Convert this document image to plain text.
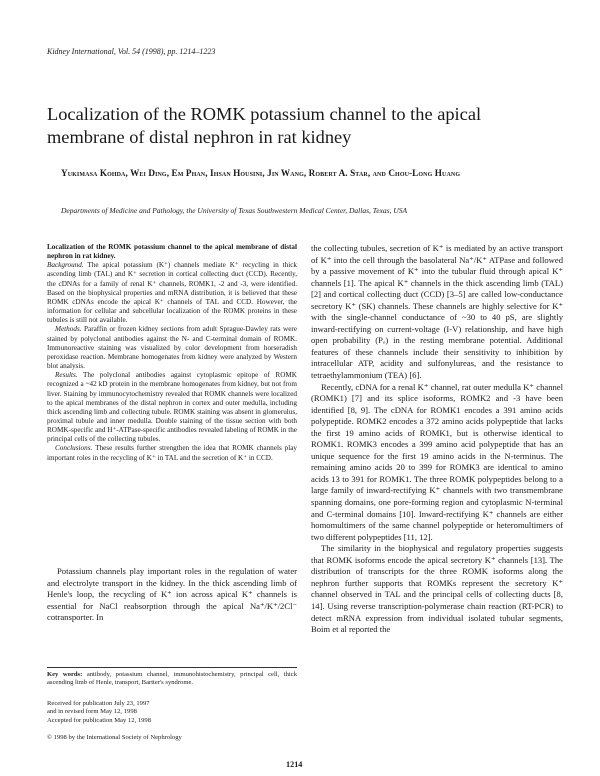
Kidney International, Vol. 54 (1998), pp. 1214–1223
Localization of the ROMK potassium channel to the apical membrane of distal nephron in rat kidney
Yukimasa Kohda, Wei Ding, Em Phan, Ihsan Housini, Jin Wang, Robert A. Star, and Chou-Long Huang
Departments of Medicine and Pathology, the University of Texas Southwestern Medical Center, Dallas, Texas, USA

Localization of the ROMK potassium channel to the apical membrane of distal nephron in rat kidney.
Background. The apical potassium (K⁺) channels mediate K⁺ recycling in thick ascending limb (TAL) and K⁺ secretion in cortical collecting duct (CCD). Recently, the cDNAs for a family of renal K⁺ channels, ROMK1, -2 and -3, were identified. Based on the biophysical properties and mRNA distribution, it is believed that these ROMK cDNAs encode the apical K⁺ channels of TAL and CCD. However, the information for cellular and subcellular localization of the ROMK proteins in these tubules is still not available.

Methods. Paraffin or frozen kidney sections from adult Sprague-Dawley rats were stained by polyclonal antibodies against the N- and C-terminal domain of ROMK. Immunoreactive staining was visualized by color development from horseradish peroxidase reaction. Membrane homogenates from kidney were analyzed by Western blot analysis.

Results. The polyclonal antibodies against cytoplasmic epitope of ROMK recognized a ~42 kD protein in the membrane homogenates from kidney, but not from liver. Staining by immunocytochemistry revealed that ROMK channels were localized to the apical membranes of the distal nephron in cortex and outer medulla, including thick ascending limb and collecting tubule. ROMK staining was absent in glomerulus, proximal tubule and inner medulla. Double staining of the tissue section with both ROMK-specific and H⁺-ATPase-specific antibodies revealed labeling of ROMK in the principal cells of the collecting tubules.

Conclusions. These results further strengthen the idea that ROMK channels play important roles in the recycling of K⁺ in TAL and the secretion of K⁺ in CCD.

Potassium channels play important roles in the regulation of water and electrolyte transport in the kidney. In the thick ascending limb of Henle's loop, the recycling of K⁺ ion across apical K⁺ channels is essential for NaCl reabsorption through the apical Na⁺/K⁺/2Cl⁻ cotransporter. In

Key words: antibody, potassium channel, immunohistochemistry, principal cell, thick ascending limb of Henle, transport, Bartter's syndrome.
Received for publication July 23, 1997
and in revised form May 12, 1998
Accepted for publication May 12, 1998
© 1998 by the International Society of Nephrology

the collecting tubules, secretion of K⁺ is mediated by an active transport of K⁺ into the cell through the basolateral Na⁺/K⁺ ATPase and followed by a passive movement of K⁺ into the tubular fluid through apical K⁺ channels [1]. The apical K⁺ channels in the thick ascending limb (TAL) [2] and cortical collecting duct (CCD) [3–5] are called low-conductance secretory K⁺ (SK) channels. These channels are highly selective for K⁺ with the single-channel conductance of ~30 to 40 pS, are slightly inward-rectifying on current-voltage (I-V) relationship, and have high open probability (Pₒ) in the resting membrane potential. Additional features of these channels include their sensitivity to inhibition by intracellular ATP, acidity and sulfonylureas, and the resistance to tetraethylammonium (TEA) [6].

Recently, cDNA for a renal K⁺ channel, rat outer medulla K⁺ channel (ROMK1) [7] and its splice isoforms, ROMK2 and -3 have been identified [8, 9]. The cDNA for ROMK1 encodes a 391 amino acids polypeptide. ROMK2 encodes a 372 amino acids polypeptide that lacks the first 19 amino acids of ROMK1, but is otherwise identical to ROMK1. ROMK3 encodes a 399 amino acid polypeptide that has an unique sequence for the first 19 amino acids in the N-terminus. The remaining amino acids 20 to 399 for ROMK3 are identical to amino acids 13 to 391 for ROMK1. The three ROMK polypeptides belong to a large family of inward-rectifying K⁺ channels with two transmembrane spanning domains, one pore-forming region and cytoplasmic N-terminal and C-terminal domains [10]. Inward-rectifying K⁺ channels are either homomultimers of the same channel polypeptide or heteromultimers of two different polypeptides [11, 12].

The similarity in the biophysical and regulatory properties suggests that ROMK isoforms encode the apical secretory K⁺ channels [13]. The distribution of transcripts for the three ROMK isoforms along the nephron further supports that ROMKs represent the secretory K⁺ channel observed in TAL and the principal cells of collecting ducts [8, 14]. Using reverse transcription-polymerase chain reaction (RT-PCR) to detect mRNA expression from individual isolated tubular segments, Boim et al reported the

1214
